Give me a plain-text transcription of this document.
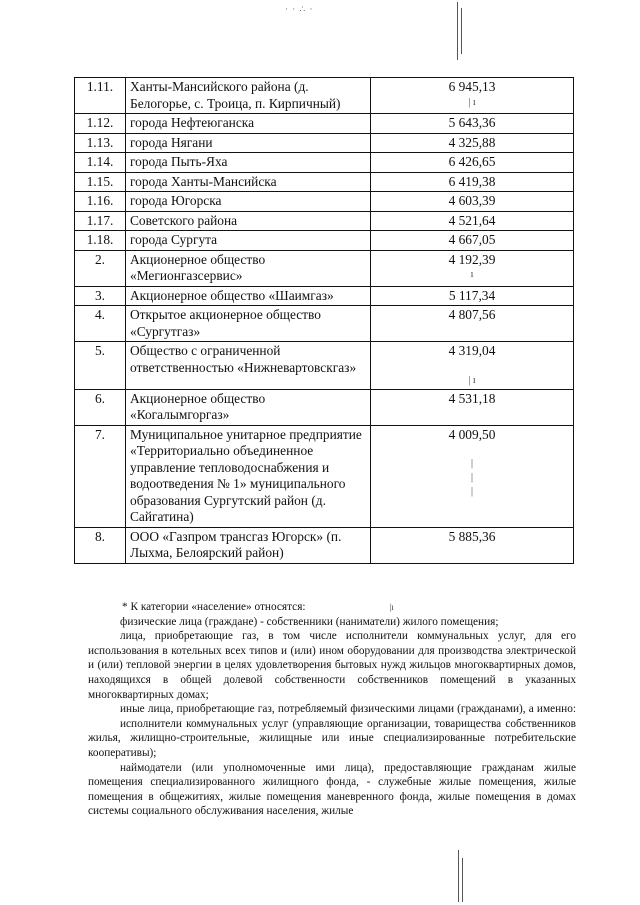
· · ∴ ·
1.11.	Ханты-Мансийского района (д. Белогорье, с. Троица, п. Кирпичный)	6 945,13
| ı

1.12.	города Нефтеюганска	5 643,36
1.13.	города Нягани	4 325,88
1.14.	города Пыть-Яха	6 426,65
1.15.	города Ханты-Мансийска	6 419,38
1.16.	города Югорска	4 603,39
1.17.	Советского района	4 521,64
1.18.	города Сургута	4 667,05
2.	Акционерное общество «Мегионгазсервис»	4 192,39
ı

3.	Акционерное общество «Шаимгаз»	5 117,34
4.	Открытое акционерное общество «Сургутгаз»	4 807,56
5.	Общество с ограниченной ответственностью «Нижневартовскгаз»	4 319,04

| ı

6.	Акционерное общество «Когалымгоргаз»	4 531,18
7.	Муниципальное унитарное предприятие «Территориально объединенное управление тепловодоснабжения и водоотведения № 1» муниципального образования Сургутский район (д. Сайгатина)	4 009,50

|
|
|

8.	ООО «Газпром трансгаз Югорск» (п. Лыхма, Белоярский район)	5 885,36

* К категории «население» относятся:                                     |ı

физические лица (граждане) - собственники (наниматели) жилого помещения;

лица, приобретающие газ, в том числе исполнители коммунальных услуг, для его использования в котельных всех типов и (или) ином оборудовании для производства электрической и (или) тепловой энергии в целях удовлетворения бытовых нужд жильцов многоквартирных домов, находящихся в общей долевой собственности собственников помещений в указанных многоквартирных домах;

иные лица, приобретающие газ, потребляемый физическими лицами (гражданами), а именно:

исполнители коммунальных услуг (управляющие организации, товарищества собственников жилья, жилищно-строительные, жилищные или иные специализированные потребительские кооперативы);

наймодатели (или уполномоченные ими лица), предоставляющие гражданам жилые помещения специализированного жилищного фонда, - служебные жилые помещения, жилые помещения в общежитиях, жилые помещения маневренного фонда, жилые помещения в домах системы социального обслуживания населения, жилые
